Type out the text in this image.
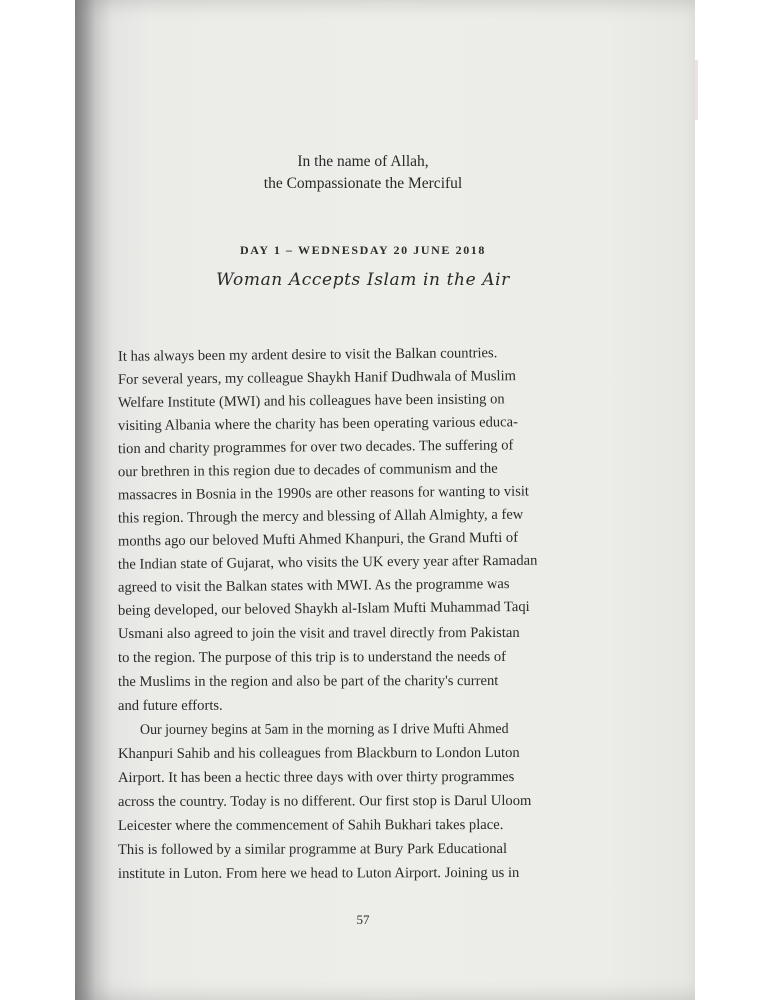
In the name of Allah,
the Compassionate the Merciful
DAY 1 – WEDNESDAY 20 JUNE 2018
Woman Accepts Islam in the Air
It has always been my ardent desire to visit the Balkan countries.
For several years, my colleague Shaykh Hanif Dudhwala of Muslim
Welfare Institute (MWI) and his colleagues have been insisting on
visiting Albania where the charity has been operating various educa-
tion and charity programmes for over two decades. The suffering of
our brethren in this region due to decades of communism and the
massacres in Bosnia in the 1990s are other reasons for wanting to visit
this region. Through the mercy and blessing of Allah Almighty, a few
months ago our beloved Mufti Ahmed Khanpuri, the Grand Mufti of
the Indian state of Gujarat, who visits the UK every year after Ramadan
agreed to visit the Balkan states with MWI. As the programme was
being developed, our beloved Shaykh al-Islam Mufti Muhammad Taqi
Usmani also agreed to join the visit and travel directly from Pakistan
to the region. The purpose of this trip is to understand the needs of
the Muslims in the region and also be part of the charity's current
and future efforts.
Our journey begins at 5am in the morning as I drive Mufti Ahmed
Khanpuri Sahib and his colleagues from Blackburn to London Luton
Airport. It has been a hectic three days with over thirty programmes
across the country. Today is no different. Our first stop is Darul Uloom
Leicester where the commencement of Sahih Bukhari takes place.
This is followed by a similar programme at Bury Park Educational
institute in Luton. From here we head to Luton Airport. Joining us in
57
